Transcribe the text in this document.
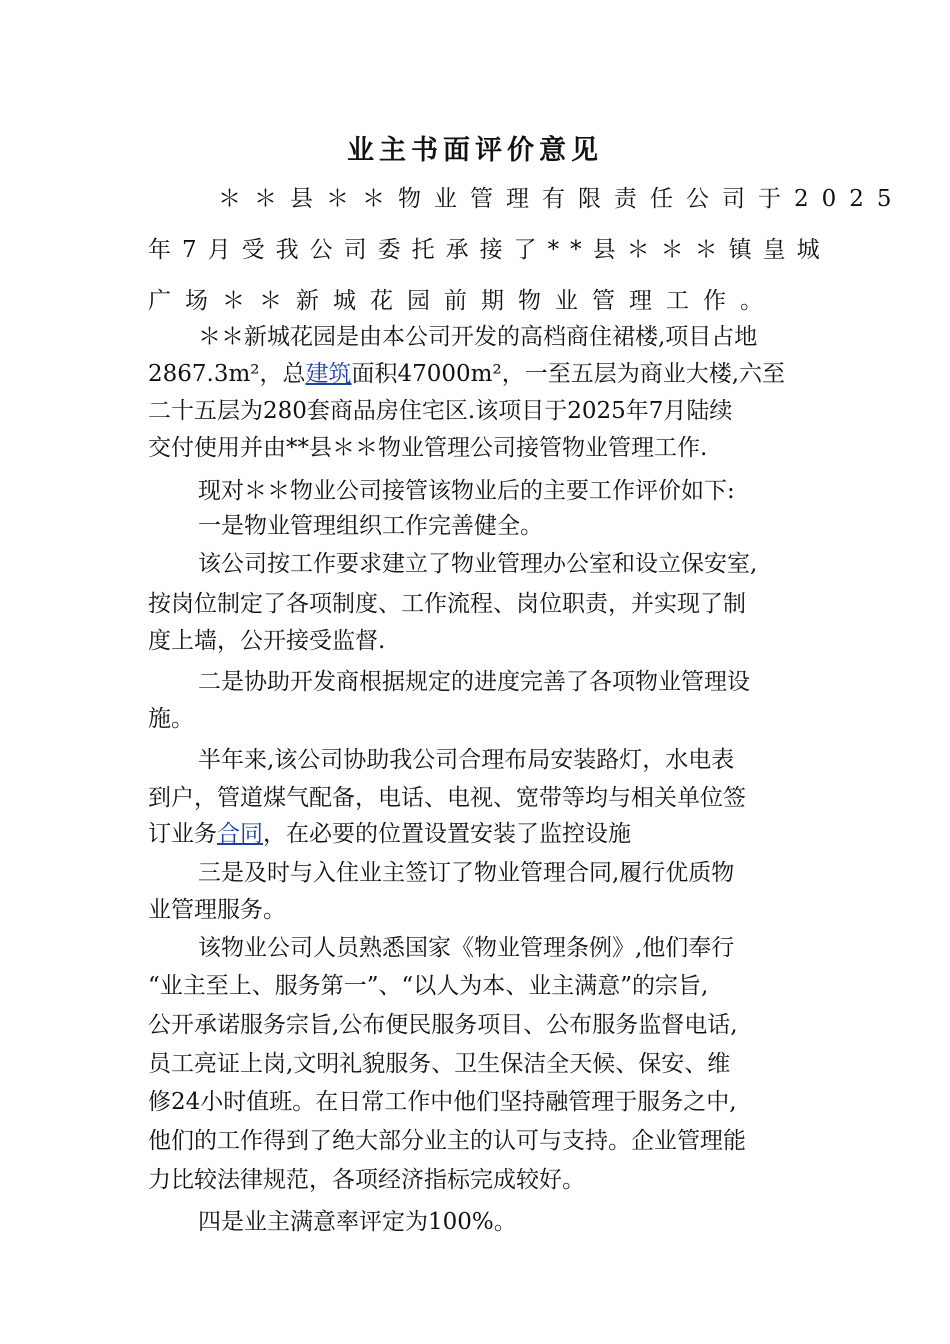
业主书面评价意见
＊＊县＊＊物业管理有限责任公司于2025
年7月受我公司委托承接了**县＊＊＊镇皇城
广场＊＊新城花园前期物业管理工作。
＊＊新城花园是由本公司开发的高档商住裙楼,项目占地
2867.3m²，总建筑面积47000m²，一至五层为商业大楼,六至
二十五层为280套商品房住宅区.该项目于2025年7月陆续
交付使用并由**县＊＊物业管理公司接管物业管理工作.
现对＊＊物业公司接管该物业后的主要工作评价如下:
一是物业管理组织工作完善健全。
该公司按工作要求建立了物业管理办公室和设立保安室,
按岗位制定了各项制度、工作流程、岗位职责，并实现了制
度上墙，公开接受监督.
二是协助开发商根据规定的进度完善了各项物业管理设
施。
半年来,该公司协助我公司合理布局安装路灯，水电表
到户，管道煤气配备，电话、电视、宽带等均与相关单位签
订业务合同，在必要的位置设置安装了监控设施
三是及时与入住业主签订了物业管理合同,履行优质物
业管理服务。
该物业公司人员熟悉国家《物业管理条例》,他们奉行
“业主至上、服务第一”、“以人为本、业主满意”的宗旨,
公开承诺服务宗旨,公布便民服务项目、公布服务监督电话,
员工亮证上岗,文明礼貌服务、卫生保洁全天候、保安、维
修24小时值班。在日常工作中他们坚持融管理于服务之中,
他们的工作得到了绝大部分业主的认可与支持。企业管理能
力比较法律规范，各项经济指标完成较好。
四是业主满意率评定为100%。
